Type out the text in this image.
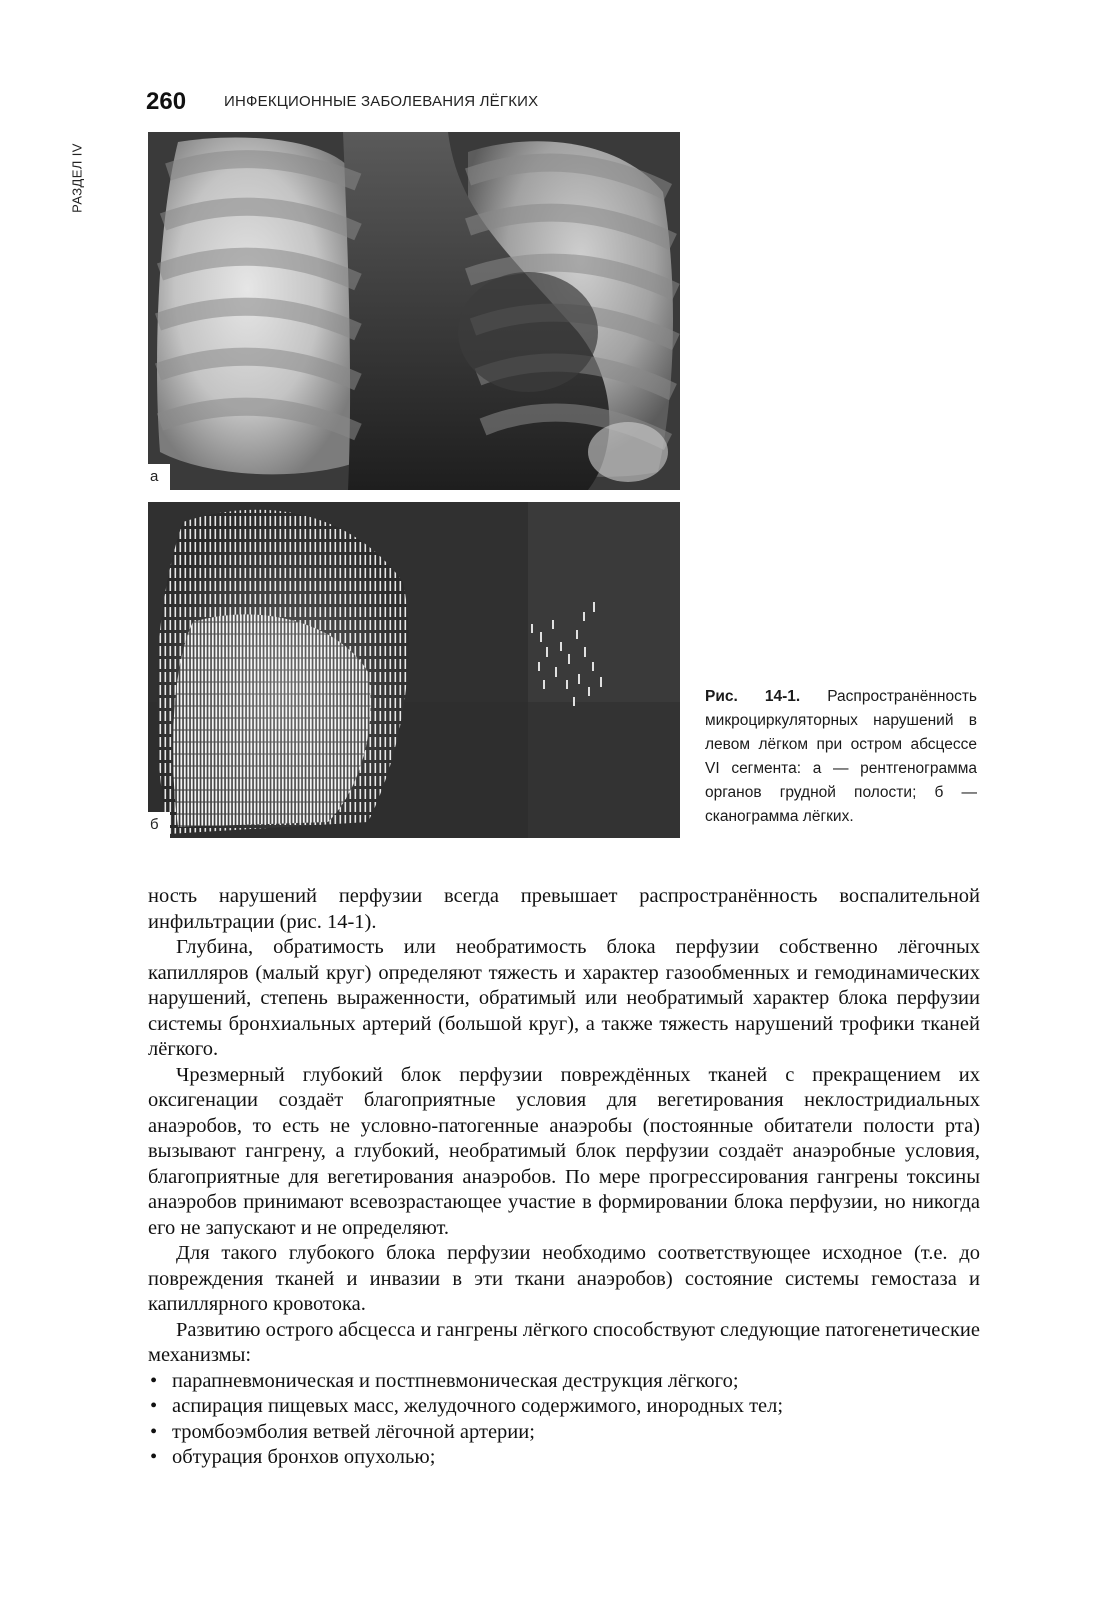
РАЗДЕЛ IV
260	ИНФЕКЦИОННЫЕ ЗАБОЛЕВАНИЯ ЛЁГКИХ
а
б
Рис. 14-1. Распространённость микроциркуляторных нарушений в левом лёгком при остром абсцессе VI сегмента: а — рентгенограмма органов грудной полости; б — сканограмма лёгких.

ность нарушений перфузии всегда превышает распространённость воспалительной инфильтрации (рис. 14-1).

Глубина, обратимость или необратимость блока перфузии собственно лёгочных капилляров (малый круг) определяют тяжесть и характер газообменных и гемодинамических нарушений, степень выраженности, обратимый или необратимый характер блока перфузии системы бронхиальных артерий (большой круг), а также тяжесть нарушений трофики тканей лёгкого.

Чрезмерный глубокий блок перфузии повреждённых тканей с прекращением их оксигенации создаёт благоприятные условия для вегетирования неклостридиальных анаэробов, то есть не условно-патогенные анаэробы (постоянные обитатели полости рта) вызывают гангрену, а глубокий, необратимый блок перфузии создаёт анаэробные условия, благоприятные для вегетирования анаэробов. По мере прогрессирования гангрены токсины анаэробов принимают всевозрастающее участие в формировании блока перфузии, но никогда его не запускают и не определяют.

Для такого глубокого блока перфузии необходимо соответствующее исходное (т.е. до повреждения тканей и инвазии в эти ткани анаэробов) состояние системы гемостаза и капиллярного кровотока.

Развитию острого абсцесса и гангрены лёгкого способствуют следующие патогенетические механизмы:

• парапневмоническая и постпневмоническая деструкция лёгкого;
• аспирация пищевых масс, желудочного содержимого, инородных тел;
• тромбоэмболия ветвей лёгочной артерии;
• обтурация бронхов опухолью;
